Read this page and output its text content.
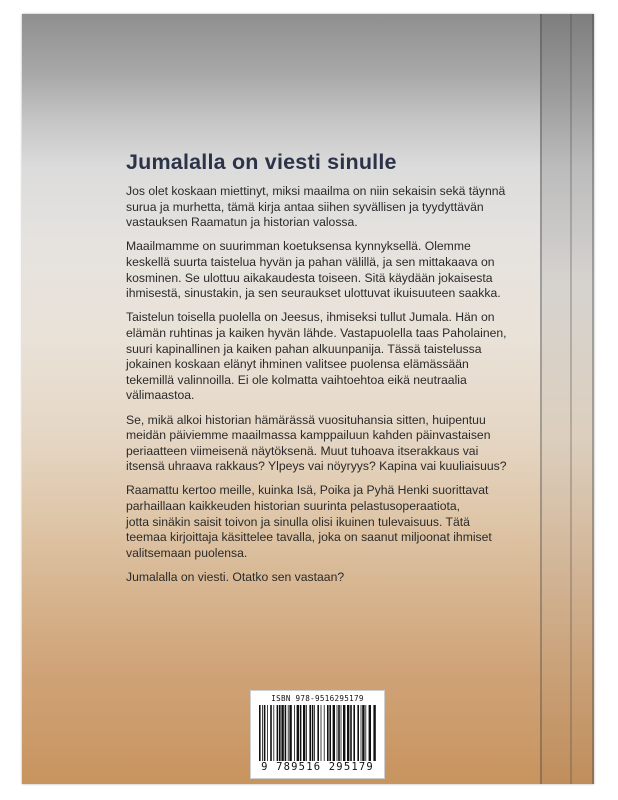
Jumalalla on viesti sinulle

Jos olet koskaan miettinyt, miksi maailma on niin sekaisin sekä täynnä
surua ja murhetta, tämä kirja antaa siihen syvällisen ja tyydyttävän
vastauksen Raamatun ja historian valossa.

Maailmamme on suurimman koetuksensa kynnyksellä. Olemme
keskellä suurta taistelua hyvän ja pahan välillä, ja sen mittakaava on
kosminen. Se ulottuu aikakaudesta toiseen. Sitä käydään jokaisesta
ihmisestä, sinustakin, ja sen seuraukset ulottuvat ikuisuuteen saakka.

Taistelun toisella puolella on Jeesus, ihmiseksi tullut Jumala. Hän on
elämän ruhtinas ja kaiken hyvän lähde. Vastapuolella taas Paholainen,
suuri kapinallinen ja kaiken pahan alkuunpanija. Tässä taistelussa
jokainen koskaan elänyt ihminen valitsee puolensa elämässään
tekemillä valinnoilla. Ei ole kolmatta vaihtoehtoa eikä neutraalia
välimaastoa.

Se, mikä alkoi historian hämärässä vuosituhansia sitten, huipentuu
meidän päiviemme maailmassa kamppailuun kahden päinvastaisen
periaatteen viimeisenä näytöksenä. Muut tuhoava itserakkaus vai
itsensä uhraava rakkaus? Ylpeys vai nöyryys? Kapina vai kuuliaisuus?

Raamattu kertoo meille, kuinka Isä, Poika ja Pyhä Henki suorittavat
parhaillaan kaikkeuden historian suurinta pelastusoperaatiota,
jotta sinäkin saisit toivon ja sinulla olisi ikuinen tulevaisuus. Tätä
teemaa kirjoittaja käsittelee tavalla, joka on saanut miljoonat ihmiset
valitsemaan puolensa.

Jumalalla on viesti. Otatko sen vastaan?

ISBN 978-9516295179
9 789516 295179
